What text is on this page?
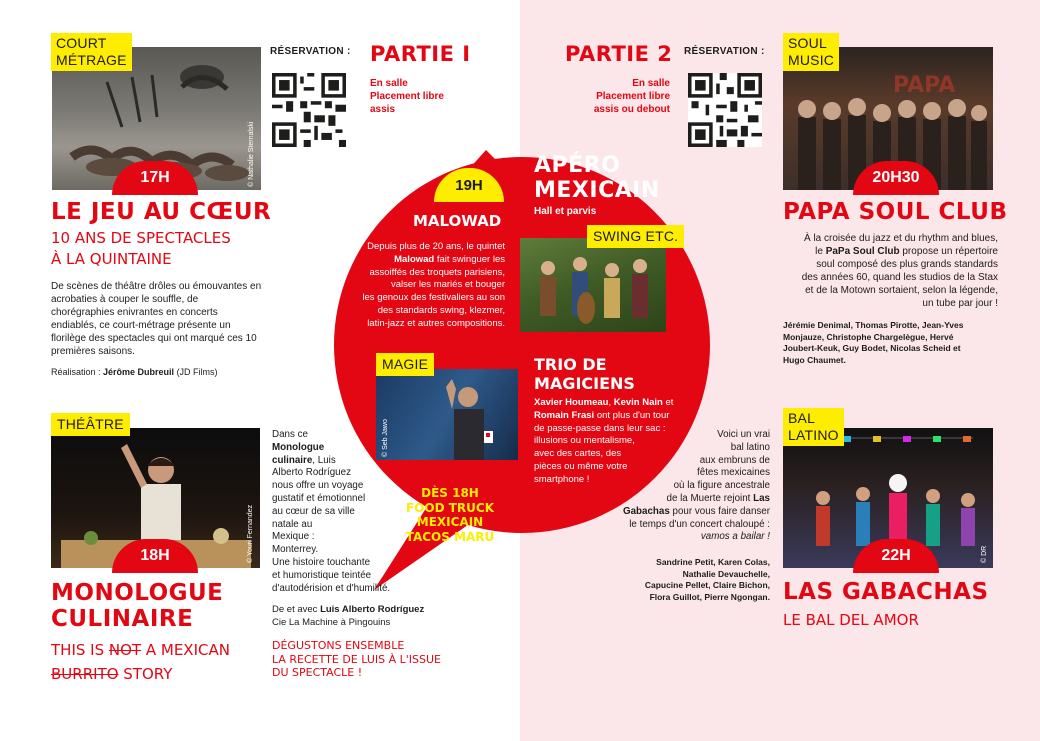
© Nathalie Sternalski
COURT
MÉTRAGE
17H
LE JEU AU CŒUR
10 ANS DE SPECTACLES
À LA QUINTAINE
De scènes de théâtre drôles ou émouvantes en acrobaties à couper le souffle, de chorégraphies enivrantes en concerts endiablés, ce court-métrage présente un florilège des spectacles qui ont marqué ces 10 premières saisons.
Réalisation : Jérôme Dubreuil (JD Films)
RÉSERVATION : PARTIE I
En salle
Placement libre
assis
PARTIE 2
En salle
Placement libre
assis ou debout
RÉSERVATION :
PAPA
SOUL
MUSIC
20H30
PAPA SOUL CLUB
À la croisée du jazz et du rhythm and blues,
le PaPa Soul Club propose un répertoire
soul composé des plus grands standards
des années 60, quand les studios de la Stax
et de la Motown sortaient, selon la légende,
un tube par jour !
Jérémie Denimal, Thomas Pirotte, Jean-Yves Monjauze, Christophe Chargelègue, Hervé Joubert-Keuk, Guy Bodet, Nicolas Scheid et Hugo Chaumet.
19H
APÉRO
MEXICAIN
Hall et parvis
MALOWAD
Depuis plus de 20 ans, le quintet
Malowad fait swinguer les
assoiffés des troquets parisiens,
valser les mariés et bouger
les genoux des festivaliers au son
des standards swing, klezmer,
latin-jazz et autres compositions.
SWING ETC.
© Seb Jawo
MAGIE	TRIO DE
MAGICIENS
Xavier Houmeau, Kevin Nain et
Romain Frasi ont plus d'un tour
de passe-passe dans leur sac :
illusions ou mentalisme,
avec des cartes, des
pièces ou même votre
smartphone !
DÈS 18H
FOOD TRUCK
MEXICAIN
TACOS MARU
© Youri Fernandez
THÉÂTRE
18H
MONOLOGUE
CULINAIRE
THIS IS NOT A MEXICAN
BURRITO STORY
Dans ce
Monologue
culinaire, Luis
Alberto Rodríguez
nous offre un voyage
gustatif et émotionnel
au cœur de sa ville
natale au
Mexique :
Monterrey.
Une histoire touchante
et humoristique teintée
d'autodérision et d'humilité.
De et avec Luis Alberto Rodríguez
Cie La Machine à Pingouins
DÉGUSTONS ENSEMBLE
LA RECETTE DE LUIS À L'ISSUE
DU SPECTACLE !
Voici un vrai
bal latino
aux embruns de
fêtes mexicaines
où la figure ancestrale
de la Muerte rejoint Las
Gabachas pour vous faire danser
le temps d'un concert chaloupé :
vamos a bailar !
Sandrine Petit, Karen Colas,
Nathalie Devauchelle,
Capucine Pellet, Claire Bichon,
Flora Guillot, Pierre Ngongan.
© DR
BAL
LATINO
22H
LAS GABACHAS
LE BAL DEL AMOR
